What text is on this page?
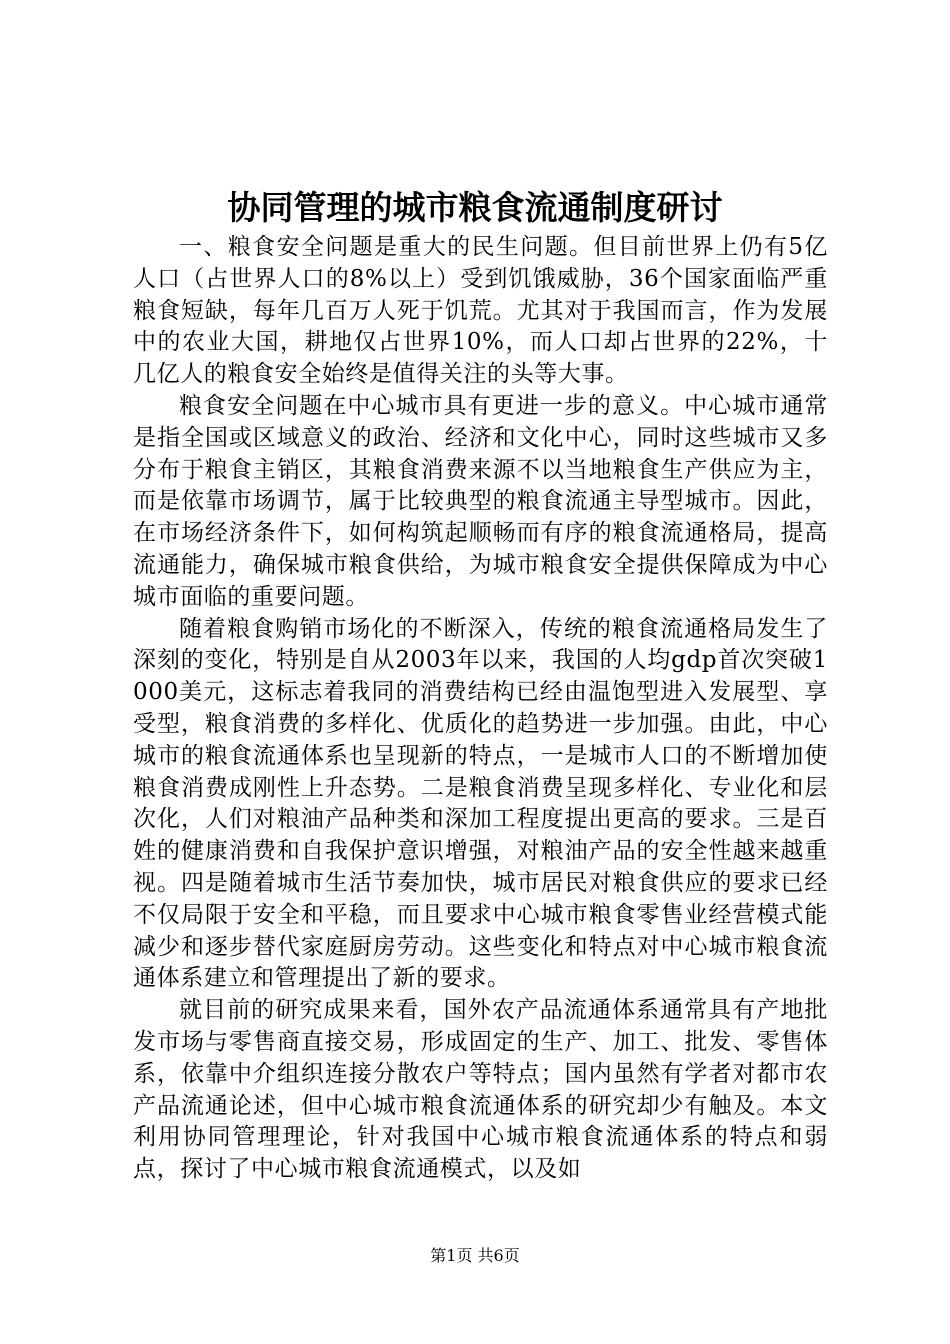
协同管理的城市粮食流通制度研讨

一、粮食安全问题是重大的民生问题。但目前世界上仍有5亿人口（占世界人口的8%以上）受到饥饿威胁，36个国家面临严重粮食短缺，每年几百万人死于饥荒。尤其对于我国而言，作为发展中的农业大国，耕地仅占世界10%，而人口却占世界的22%，十几亿人的粮食安全始终是值得关注的头等大事。

粮食安全问题在中心城市具有更进一步的意义。中心城市通常是指全国或区域意义的政治、经济和文化中心，同时这些城市又多分布于粮食主销区，其粮食消费来源不以当地粮食生产供应为主，而是依靠市场调节，属于比较典型的粮食流通主导型城市。因此，在市场经济条件下，如何构筑起顺畅而有序的粮食流通格局，提高流通能力，确保城市粮食供给，为城市粮食安全提供保障成为中心城市面临的重要问题。

随着粮食购销市场化的不断深入，传统的粮食流通格局发生了深刻的变化，特别是自从2003年以来，我国的人均gdp首次突破1000美元，这标志着我同的消费结构已经由温饱型进入发展型、享受型，粮食消费的多样化、优质化的趋势进一步加强。由此，中心城市的粮食流通体系也呈现新的特点，一是城市人口的不断增加使粮食消费成刚性上升态势。二是粮食消费呈现多样化、专业化和层次化，人们对粮油产品种类和深加工程度提出更高的要求。三是百姓的健康消费和自我保护意识增强，对粮油产品的安全性越来越重视。四是随着城市生活节奏加快，城市居民对粮食供应的要求已经不仅局限于安全和平稳，而且要求中心城市粮食零售业经营模式能减少和逐步替代家庭厨房劳动。这些变化和特点对中心城市粮食流通体系建立和管理提出了新的要求。

就目前的研究成果来看，国外农产品流通体系通常具有产地批发市场与零售商直接交易，形成固定的生产、加工、批发、零售体系，依靠中介组织连接分散农户等特点；国内虽然有学者对都市农产品流通论述，但中心城市粮食流通体系的研究却少有触及。本文利用协同管理理论，针对我国中心城市粮食流通体系的特点和弱点，探讨了中心城市粮食流通模式，以及如

第1页 共6页
